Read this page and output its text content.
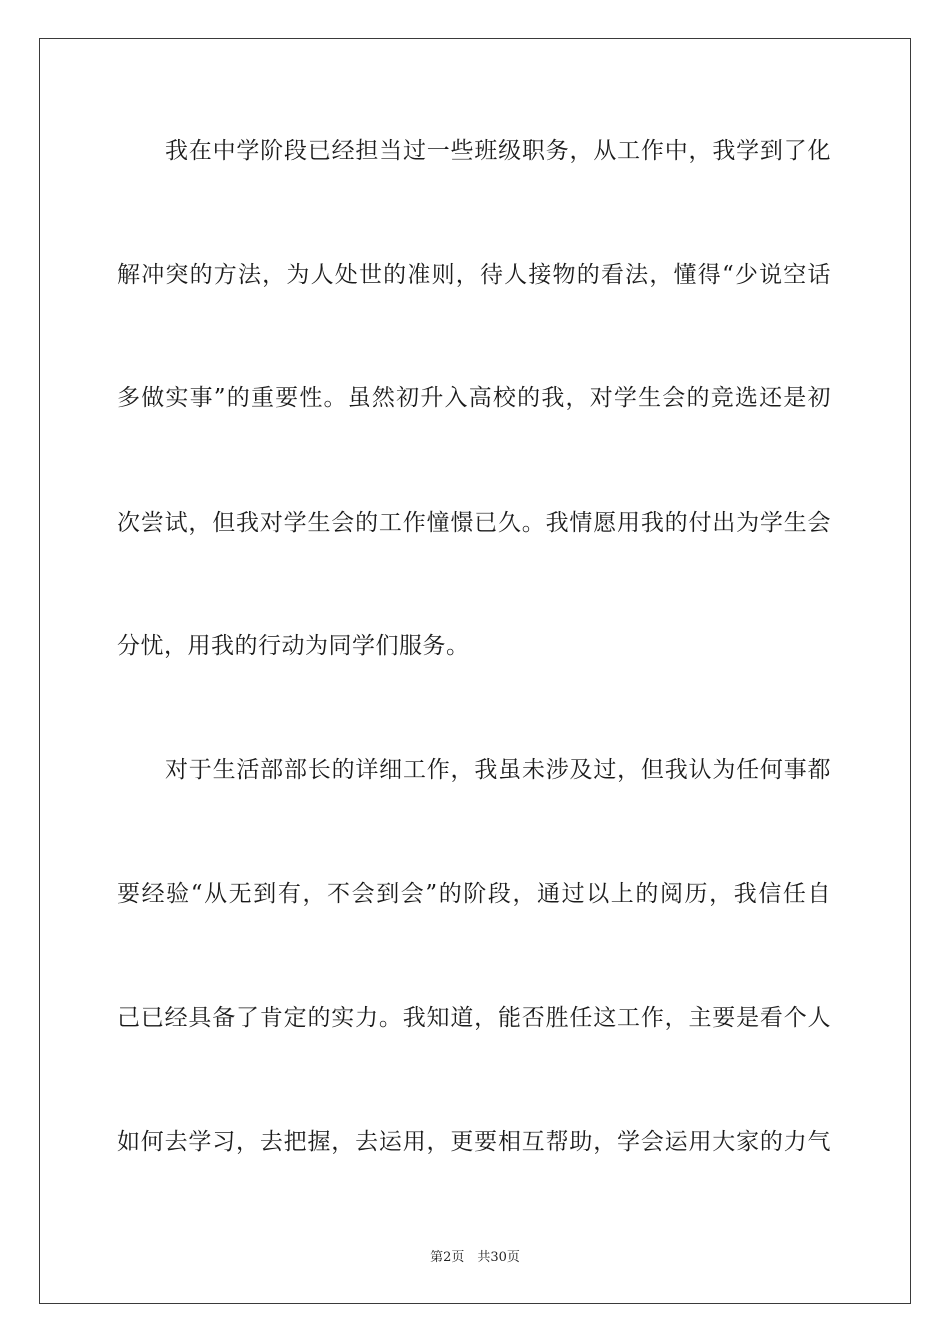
我在中学阶段已经担当过一些班级职务，从工作中，我学到了化
解冲突的方法，为人处世的准则，待人接物的看法，懂得“少说空话
多做实事”的重要性。虽然初升入高校的我，对学生会的竞选还是初
次尝试，但我对学生会的工作憧憬已久。我情愿用我的付出为学生会
分忧，用我的行动为同学们服务。
对于生活部部长的详细工作，我虽未涉及过，但我认为任何事都
要经验“从无到有，不会到会”的阶段，通过以上的阅历，我信任自
己已经具备了肯定的实力。我知道，能否胜任这工作，主要是看个人
如何去学习，去把握，去运用，更要相互帮助，学会运用大家的力气
第2页　共30页
